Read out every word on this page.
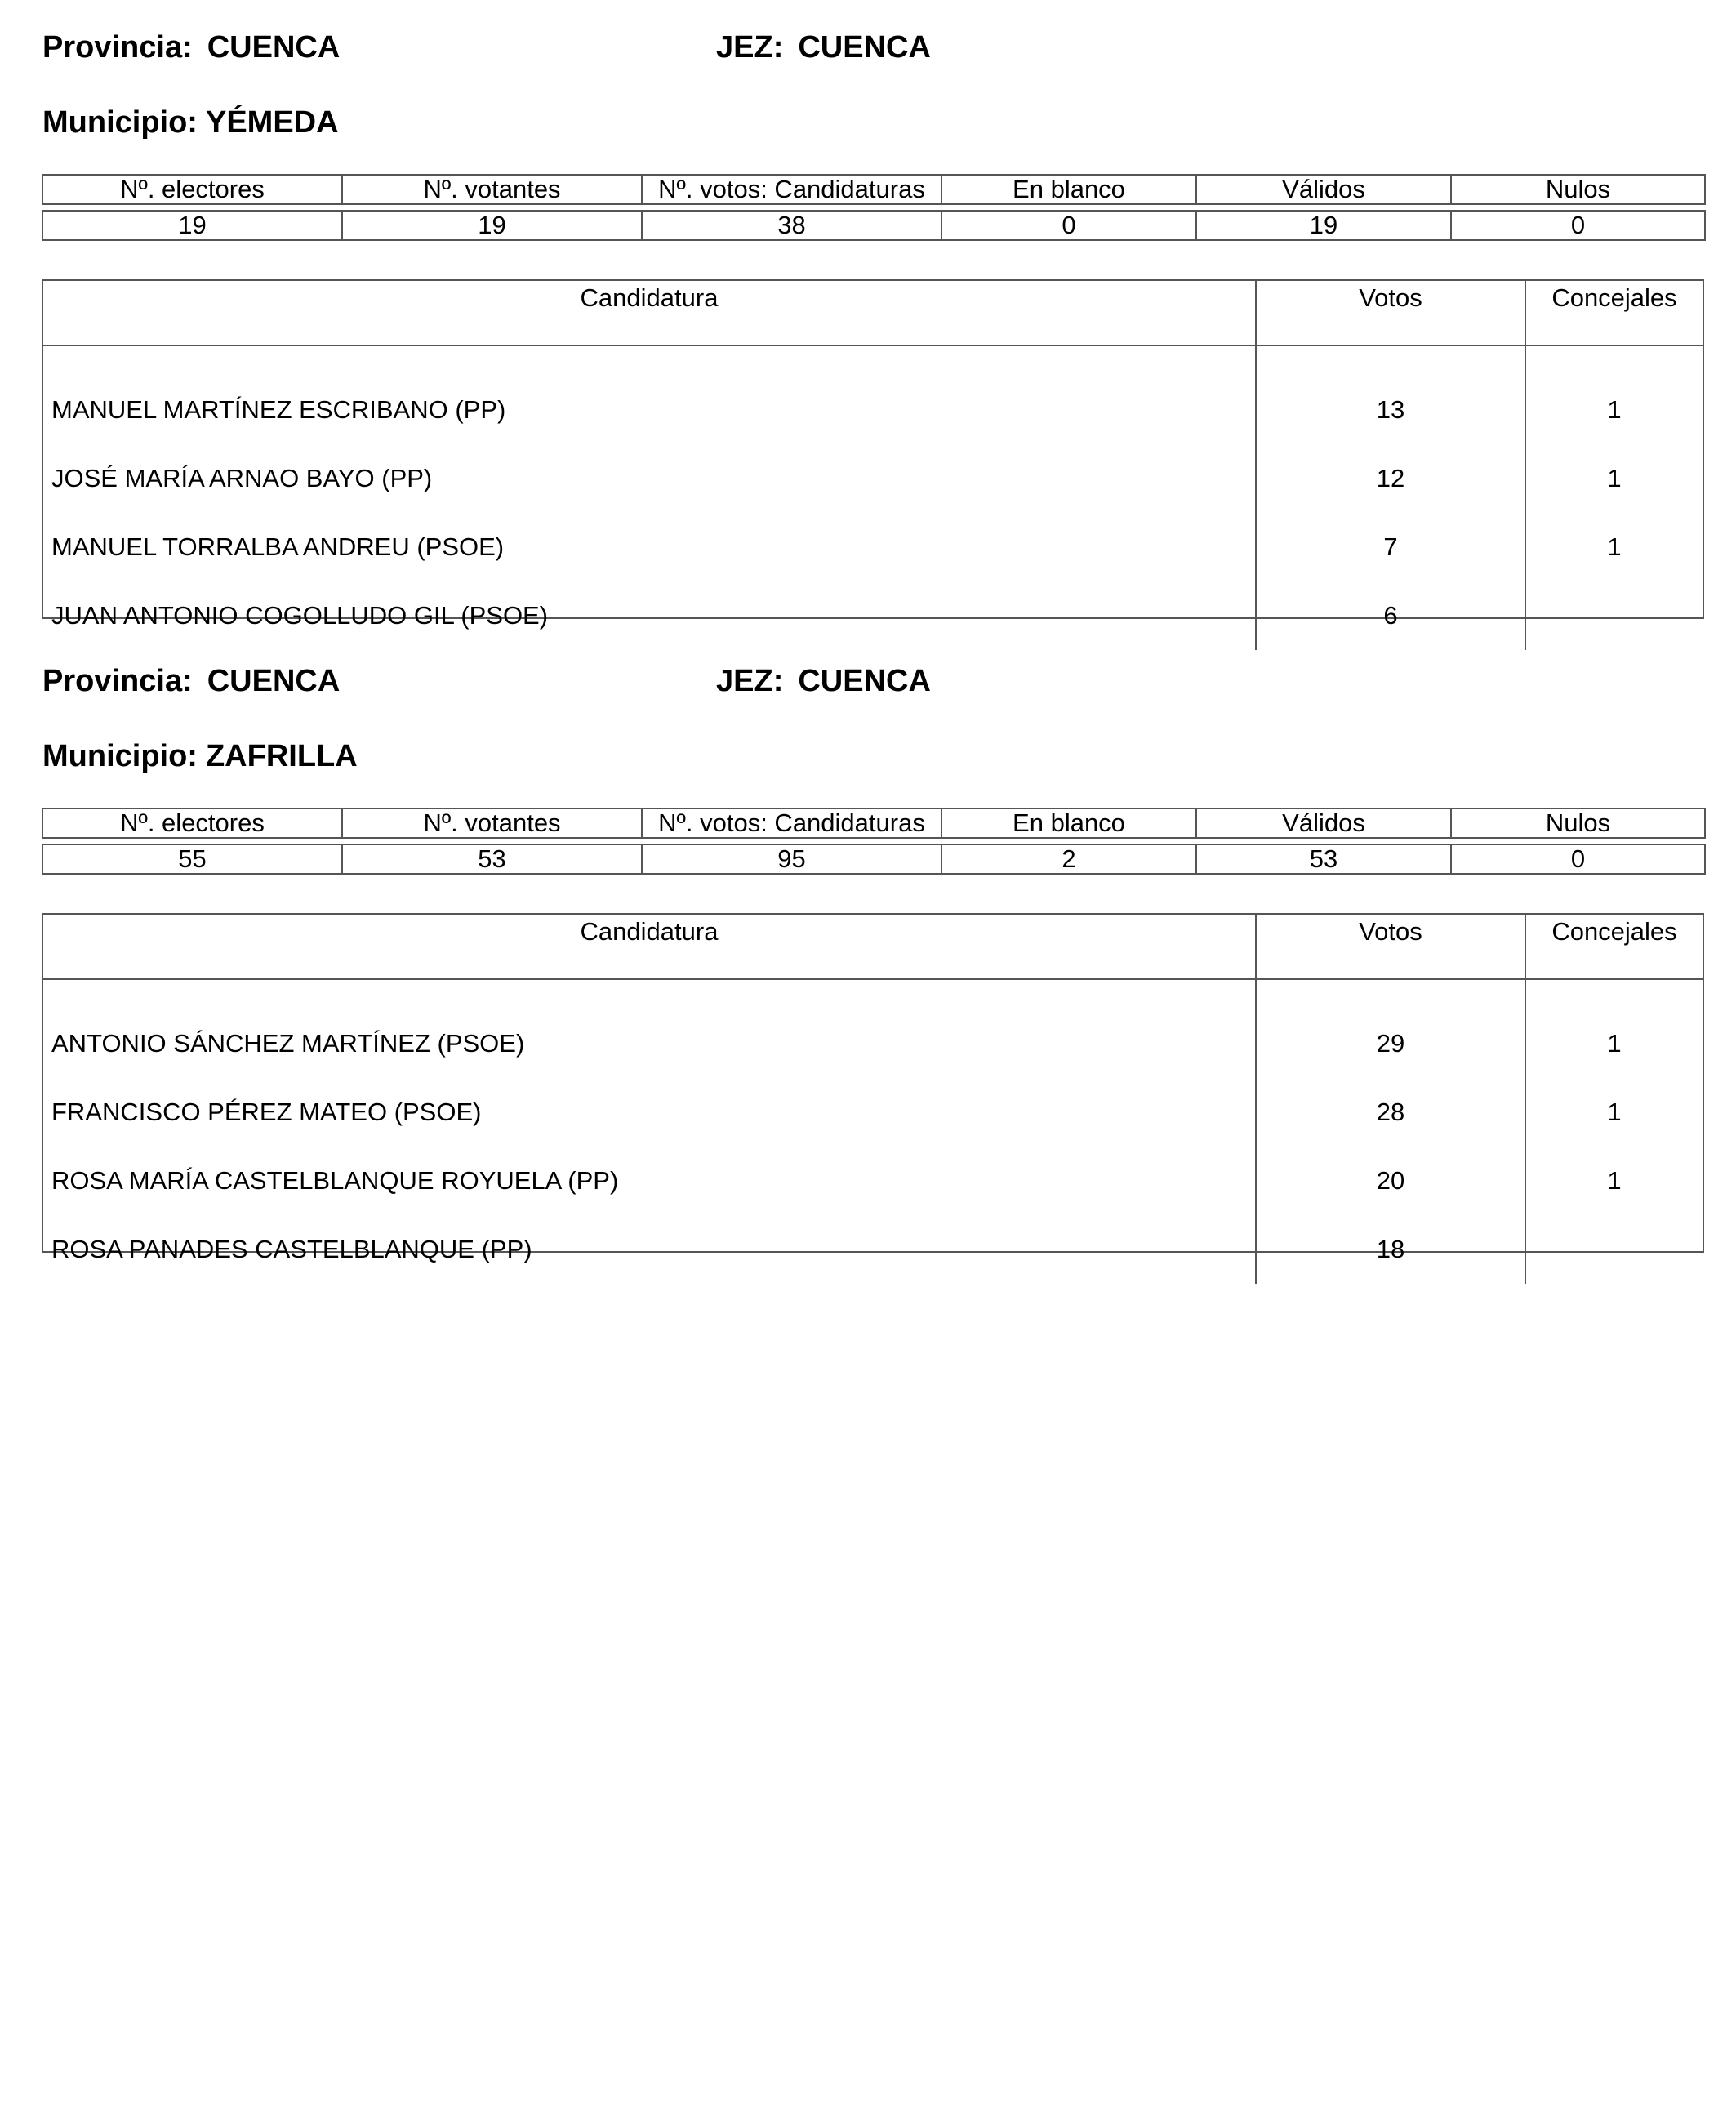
Provincia: CUENCA	JEZ: CUENCA
Municipio: YÉMEDA
Nº. electores	Nº. votantes	Nº. votos: Candidaturas	En blanco	Válidos	Nulos

19	19	38	0	19	0
Candidatura	Votos	Concejales
MANUEL MARTÍNEZ ESCRIBANO (PP)	13	1
JOSÉ MARÍA ARNAO BAYO (PP)	12	1
MANUEL TORRALBA ANDREU (PSOE)	7	1
JUAN ANTONIO COGOLLUDO GIL (PSOE)	6
Provincia: CUENCA	JEZ: CUENCA
Municipio: ZAFRILLA
Nº. electores	Nº. votantes	Nº. votos: Candidaturas	En blanco	Válidos	Nulos

55	53	95	2	53	0
Candidatura	Votos	Concejales
ANTONIO SÁNCHEZ MARTÍNEZ (PSOE)	29	1
FRANCISCO PÉREZ MATEO (PSOE)	28	1
ROSA MARÍA CASTELBLANQUE ROYUELA (PP)	20	1
ROSA PANADES CASTELBLANQUE (PP)	18
